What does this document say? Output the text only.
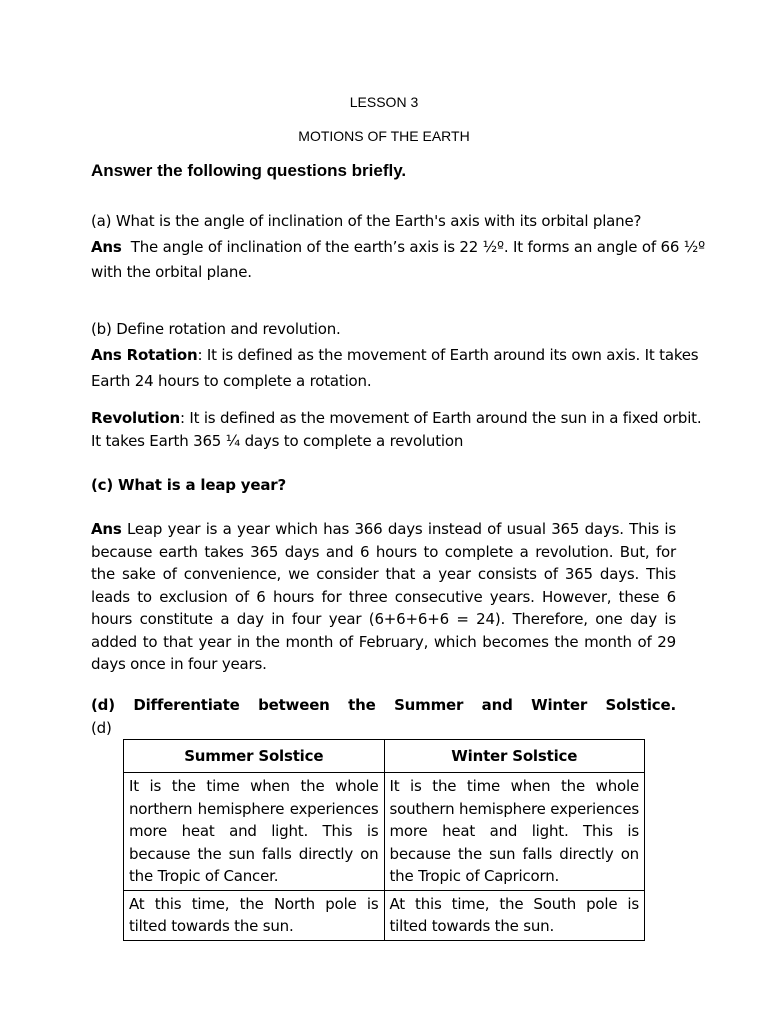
LESSON 3
MOTIONS OF THE EARTH
Answer the following questions briefly.
(a) What is the angle of inclination of the Earth's axis with its orbital plane?
Ans The angle of inclination of the earth’s axis is 22 ½º. It forms an angle of 66 ½º
with the orbital plane.
(b) Define rotation and revolution.
Ans Rotation: It is defined as the movement of Earth around its own axis. It takes
Earth 24 hours to complete a rotation.
Revolution: It is defined as the movement of Earth around the sun in a fixed orbit.
It takes Earth 365 ¼ days to complete a revolution
(c) What is a leap year?
Ans Leap year is a year which has 366 days instead of usual 365 days. This is because earth takes 365 days and 6 hours to complete a revolution. But, for the sake of convenience, we consider that a year consists of 365 days. This leads to exclusion of 6 hours for three consecutive years. However, these 6 hours constitute a day in four year (6+6+6+6 = 24). Therefore, one day is added to that year in the month of February, which becomes the month of 29 days once in four years.
(d) Differentiate between the Summer and Winter Solstice.
(d)
Summer Solstice	Winter Solstice
It is the time when the whole northern hemisphere experiences more heat and light. This is because the sun falls directly on the Tropic of Cancer.	It is the time when the whole southern hemisphere experiences more heat and light. This is because the sun falls directly on the Tropic of Capricorn.
At this time, the North pole is tilted towards the sun.	At this time, the South pole is tilted towards the sun.
